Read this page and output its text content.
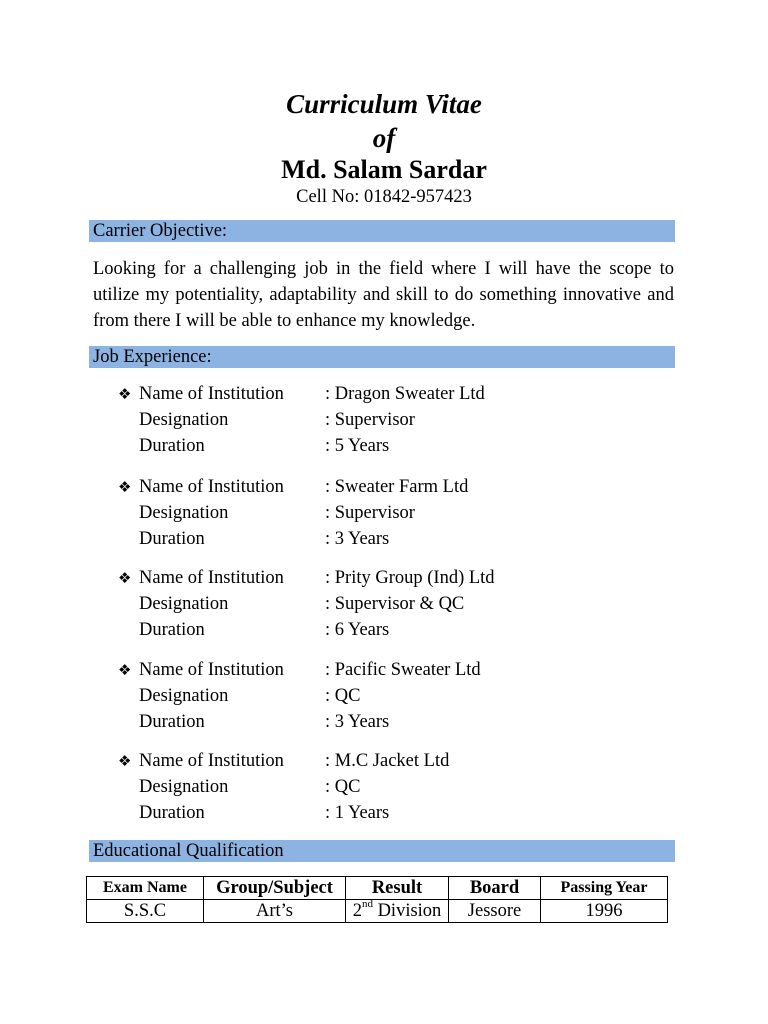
Curriculum Vitae
of
Md. Salam Sardar
Cell No: 01842-957423
Carrier Objective:
Looking for a challenging job in the field where I will have the scope to utilize my potentiality, adaptability and skill to do something innovative and from there I will be able to enhance my knowledge.
Job Experience:
❖ Name of Institution : Dragon Sweater Ltd
Designation	: Supervisor
Duration	: 5 Years
❖ Name of Institution : Sweater Farm Ltd
Designation	: Supervisor
Duration	: 3 Years
❖ Name of Institution : Prity Group (Ind) Ltd
Designation	: Supervisor & QC
Duration	: 6 Years
❖ Name of Institution : Pacific Sweater Ltd
Designation	: QC
Duration	: 3 Years
❖ Name of Institution : M.C Jacket Ltd
Designation	: QC
Duration	: 1 Years
Educational Qualification
Exam Name	Group/Subject	Result	Board	Passing Year
S.S.C	Art’s	2nd Division	Jessore	1996
